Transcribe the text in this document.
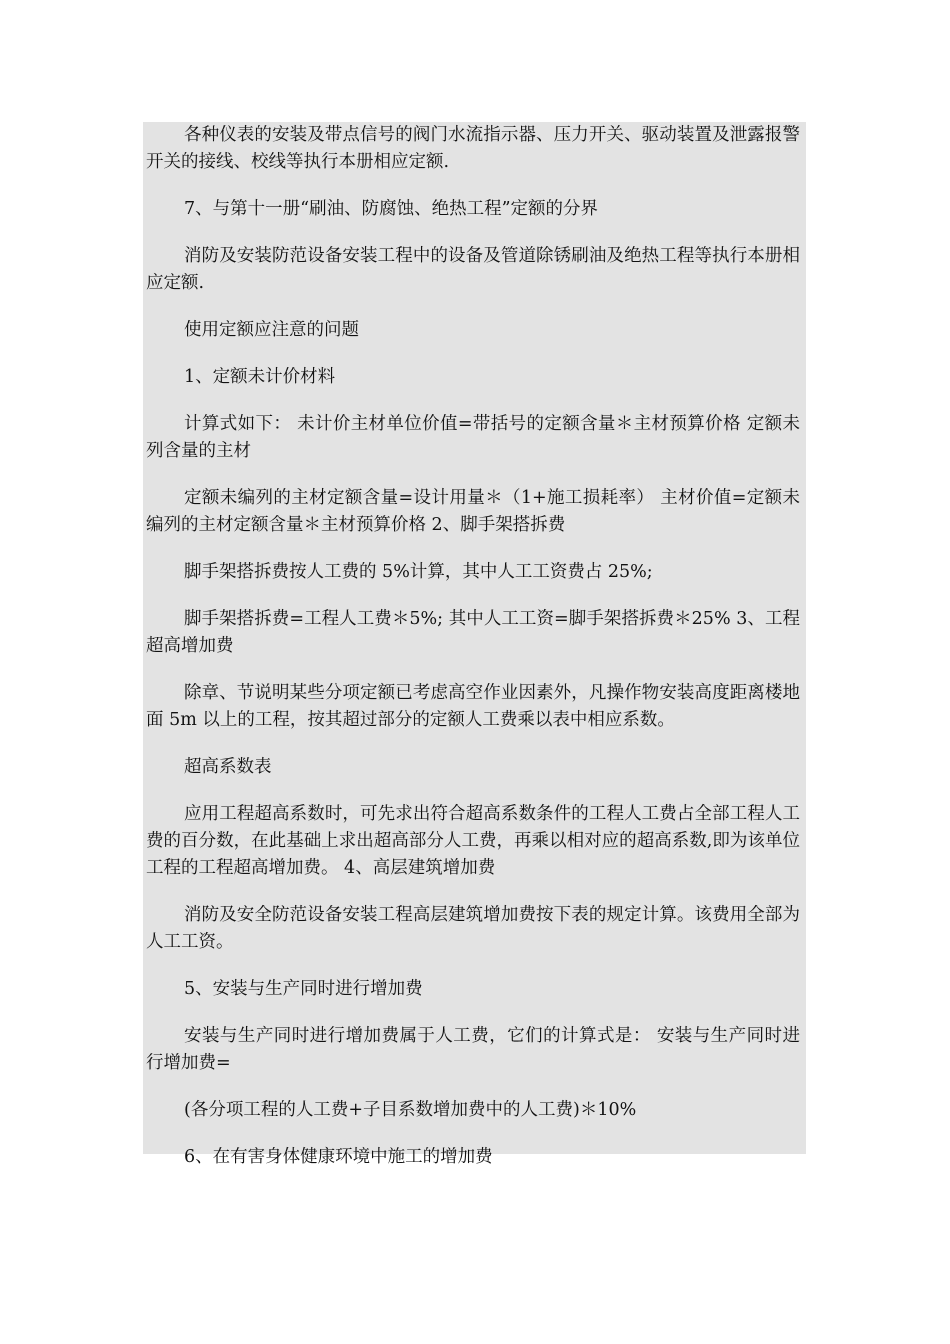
各种仪表的安装及带点信号的阀门水流指示器、压力开关、驱动装置及泄露报警开关的接线、校线等执行本册相应定额.

7、与第十一册“刷油、防腐蚀、绝热工程”定额的分界

消防及安装防范设备安装工程中的设备及管道除锈刷油及绝热工程等执行本册相应定额.

使用定额应注意的问题

1、定额未计价材料

计算式如下： 未计价主材单位价值=带括号的定额含量＊主材预算价格 定额未列含量的主材

定额未编列的主材定额含量=设计用量＊（1+施工损耗率） 主材价值=定额未编列的主材定额含量＊主材预算价格 2、脚手架搭拆费

脚手架搭拆费按人工费的 5%计算，其中人工工资费占 25%;

脚手架搭拆费=工程人工费＊5%; 其中人工工资=脚手架搭拆费＊25% 3、工程超高增加费

除章、节说明某些分项定额已考虑高空作业因素外，凡操作物安装高度距离楼地面 5m 以上的工程，按其超过部分的定额人工费乘以表中相应系数。

超高系数表

应用工程超高系数时，可先求出符合超高系数条件的工程人工费占全部工程人工费的百分数，在此基础上求出超高部分人工费，再乘以相对应的超高系数,即为该单位工程的工程超高增加费。 4、高层建筑增加费

消防及安全防范设备安装工程高层建筑增加费按下表的规定计算。该费用全部为人工工资。

5、安装与生产同时进行增加费

安装与生产同时进行增加费属于人工费，它们的计算式是： 安装与生产同时进行增加费=

(各分项工程的人工费+子目系数增加费中的人工费)＊10%

6、在有害身体健康环境中施工的增加费
